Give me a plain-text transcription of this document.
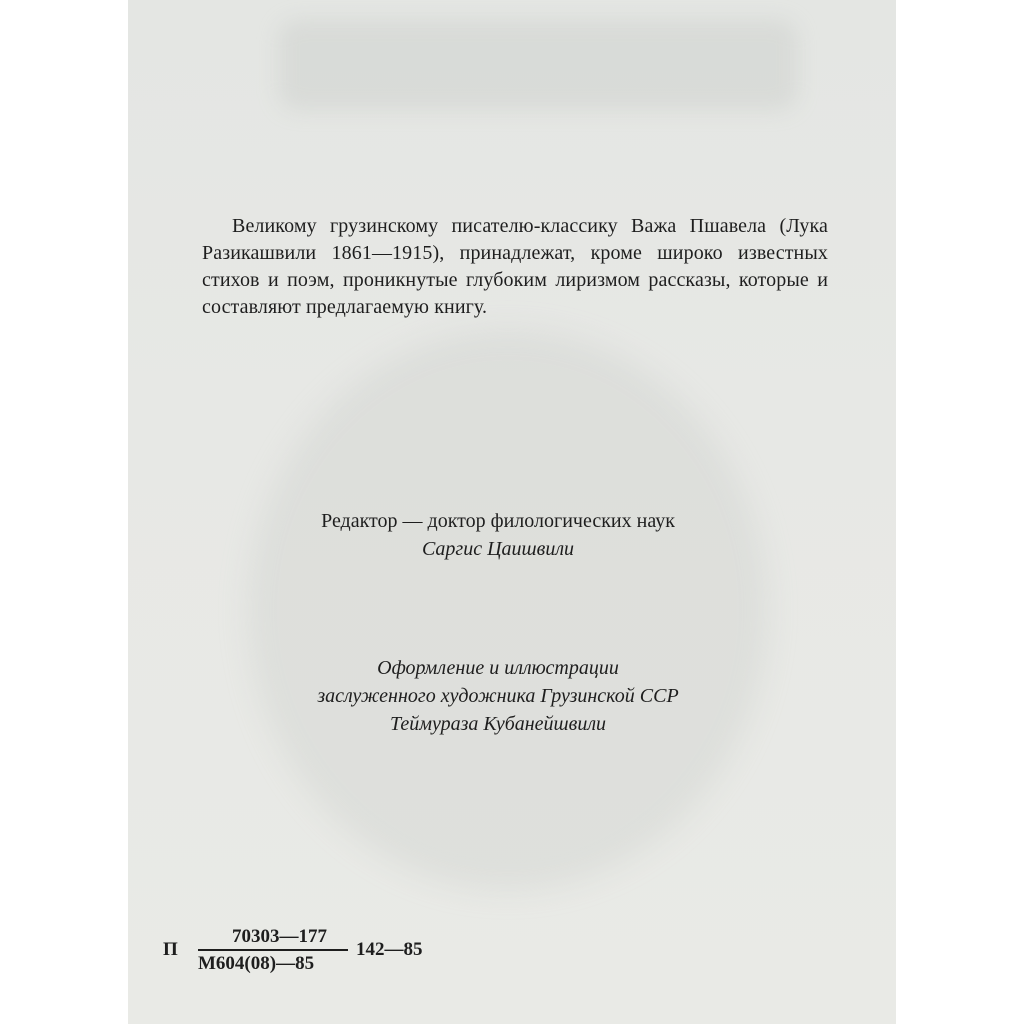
Великому грузинскому писателю-классику Важа Пшавела (Лука Разикашвили 1861—1915), принадлежат, кроме широко известных стихов и поэм, проникнутые глубоким лиризмом рассказы, которые и составляют предлагаемую книгу.

Редактор — доктор филологических наук
Саргис Цаишвили
Оформление и иллюстрации
заслуженного художника Грузинской ССР
Теймураза Кубанейшвили
П
70303—177
М604(08)—85
142—85
